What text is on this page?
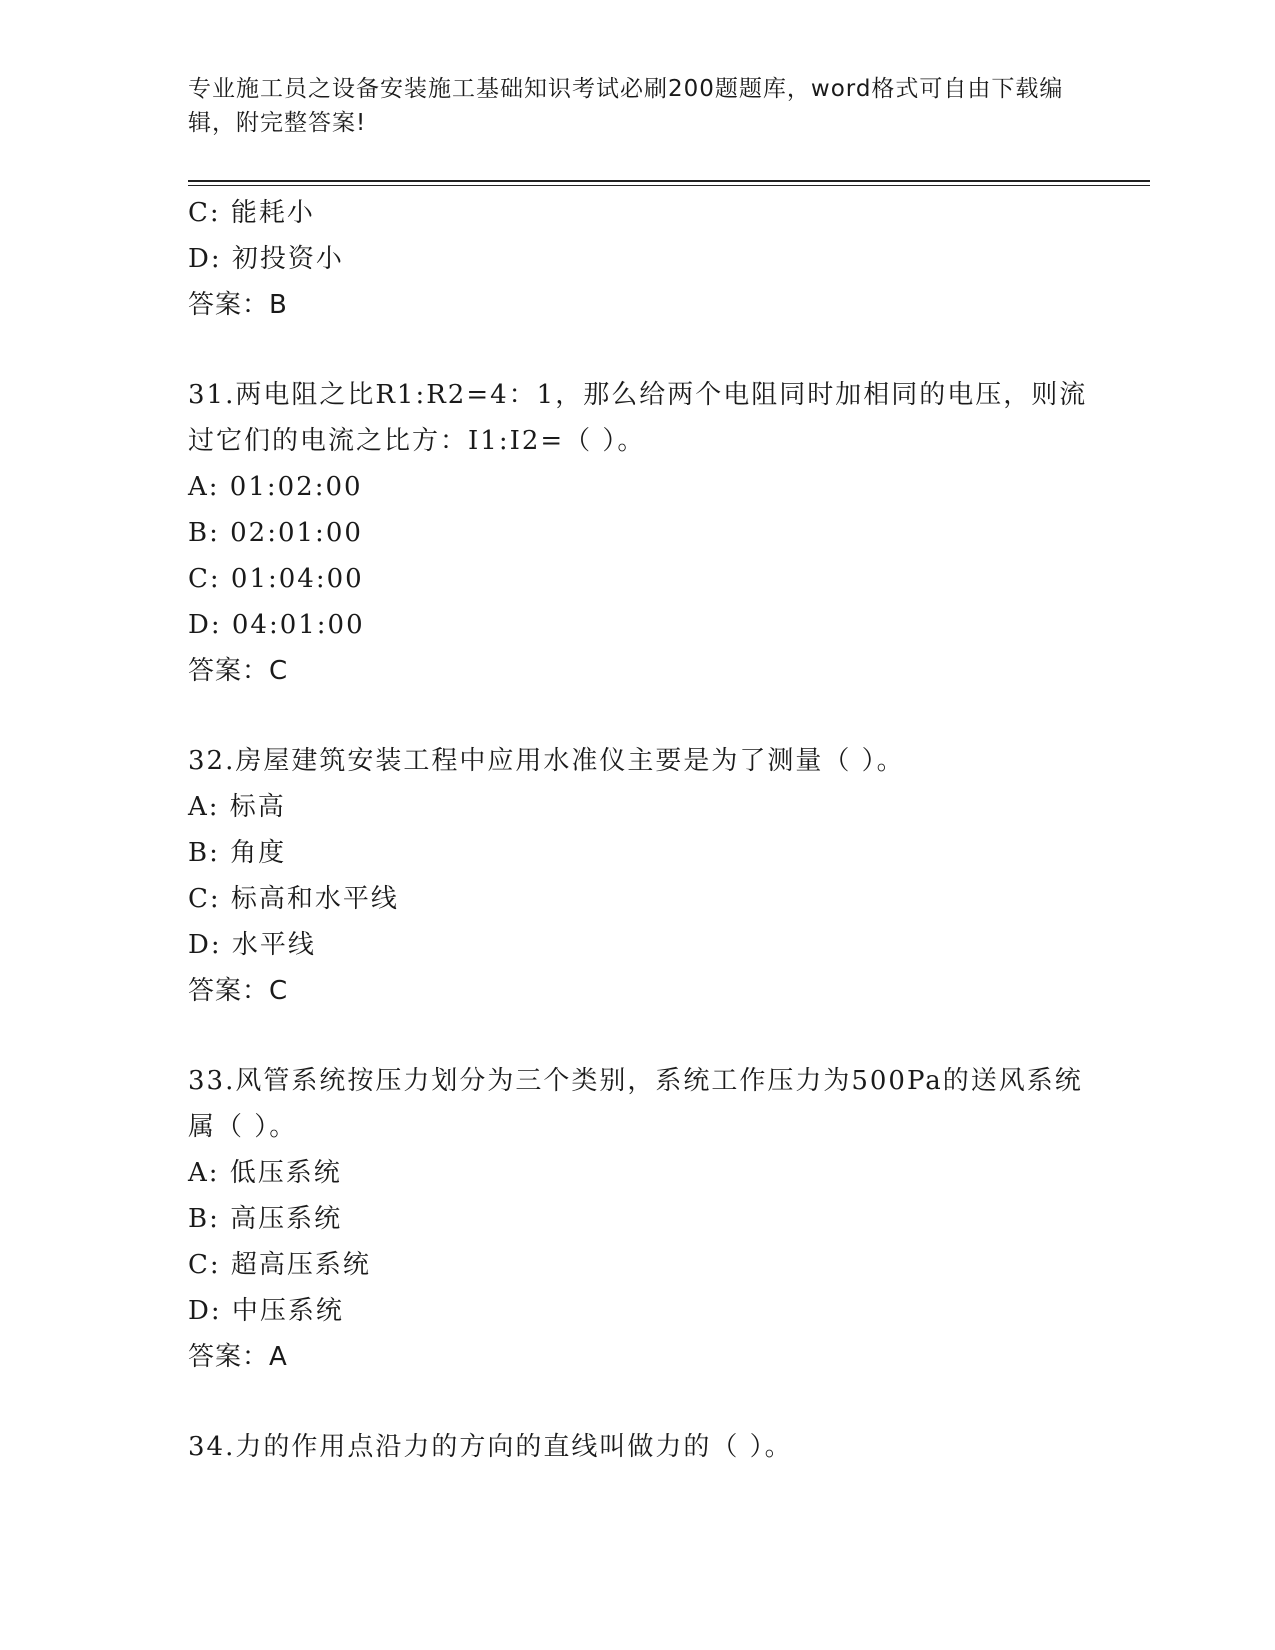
专业施工员之设备安装施工基础知识考试必刷200题题库，word格式可自由下载编辑，附完整答案!

C: 能耗小

D: 初投资小

答案：B

31.两电阻之比R1:R2=4：1，那么给两个电阻同时加相同的电压，则流过它们的电流之比方：I1:I2=（ ）。

A: 01:02:00

B: 02:01:00

C: 01:04:00

D: 04:01:00

答案：C

32.房屋建筑安装工程中应用水准仪主要是为了测量（ ）。

A: 标高

B: 角度

C: 标高和水平线

D: 水平线

答案：C

33.风管系统按压力划分为三个类别，系统工作压力为500Pa的送风系统属（ ）。

A: 低压系统

B: 高压系统

C: 超高压系统

D: 中压系统

答案：A

34.力的作用点沿力的方向的直线叫做力的（ ）。
